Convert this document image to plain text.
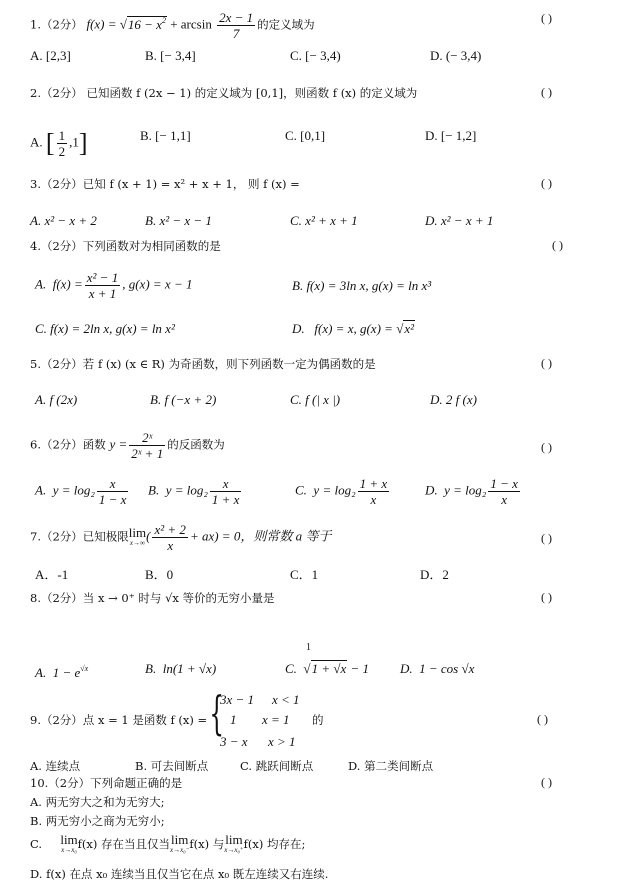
1.（2分） $f(x) = √16 - x^2 + \arcsin \frac{2x - 1}{7}$ 的定义域为	( )
A. [2,3]	B. [− 3,4]	C. [− 3,4)	D. (− 3,4)
2.（2分） 已知函数 f (2x − 1) 的定义域为 [0,1]，则函数 f (x) 的定义域为	( )
A. [ $\frac{1}{2} ,1$]	B. [− 1,1]	C. [0,1]	D. [− 1,2]
3.（2分）已知 f (x + 1) = x² + x + 1， 则 f (x) =	( )
A. x² − x + 2	B. x² − x − 1	C. x² + x + 1	D. x² − x + 1
4.（2分）下列函数对为相同函数的是	( )
A. $f(x) = \frac{\text{x² − 1}}{x + 1}$ , g(x) = x − 1	B. f(x) = 3ln x, g(x) = ln x³
C. f(x) = 2ln x, g(x) = ln x²	D. f(x) = x, g(x) = √x²
5.（2分）若 f (x) (x ∈ R) 为奇函数，则下列函数一定为偶函数的是	( )
A. f (2x)	B. f (−x + 2)	C. f (| x |)	D. 2 f (x)
6.（2分）函数 $y = \frac{\text{2ˣ}}{\text{2ˣ + 1}}$ 的反函数为	( )
A. $y = \log_2 \frac{x}{1 - x} B$. $y = \log_2 \frac{x}{1 + x}$	C. $y = \log_2 \frac{1 + x}{x}$	D. $y = \log_2 \frac{1 - x}{x}$
7.（2分）已知极限lim
x→∞ ( $\frac{\text{x² + 2}}{x} + ax) = 0$，则常数 a 等于	( )
A．-1	B．0	C．1	D．2
8.（2分）当 x → 0⁺ 时与 √x 等价的无穷小量是	( )
1
A. $1 - e^{√x}$	B. ln(1 + √x)	C. √1 + √x − 1 D. 1 − cos √x
9.（2分）点 x = 1 是函数 f (x) = {
3x − 1 x < 1
1 x = 1
3 − x x > 1
的	( )
A. 连续点	B. 可去间断点	C. 跳跃间断点	D. 第二类间断点
10.（2分）下列命题正确的是	( )
A. 两无穷大之和为无穷大;
B. 两无穷小之商为无穷小;
C. lim
x→x₀ f(x) 存在当且仅当lim
x→x₀⁻ f(x) 与lim
x→x₀⁺ f(x) 均存在;
D. f(x) 在点 x₀ 连续当且仅当它在点 x₀ 既左连续又右连续.
